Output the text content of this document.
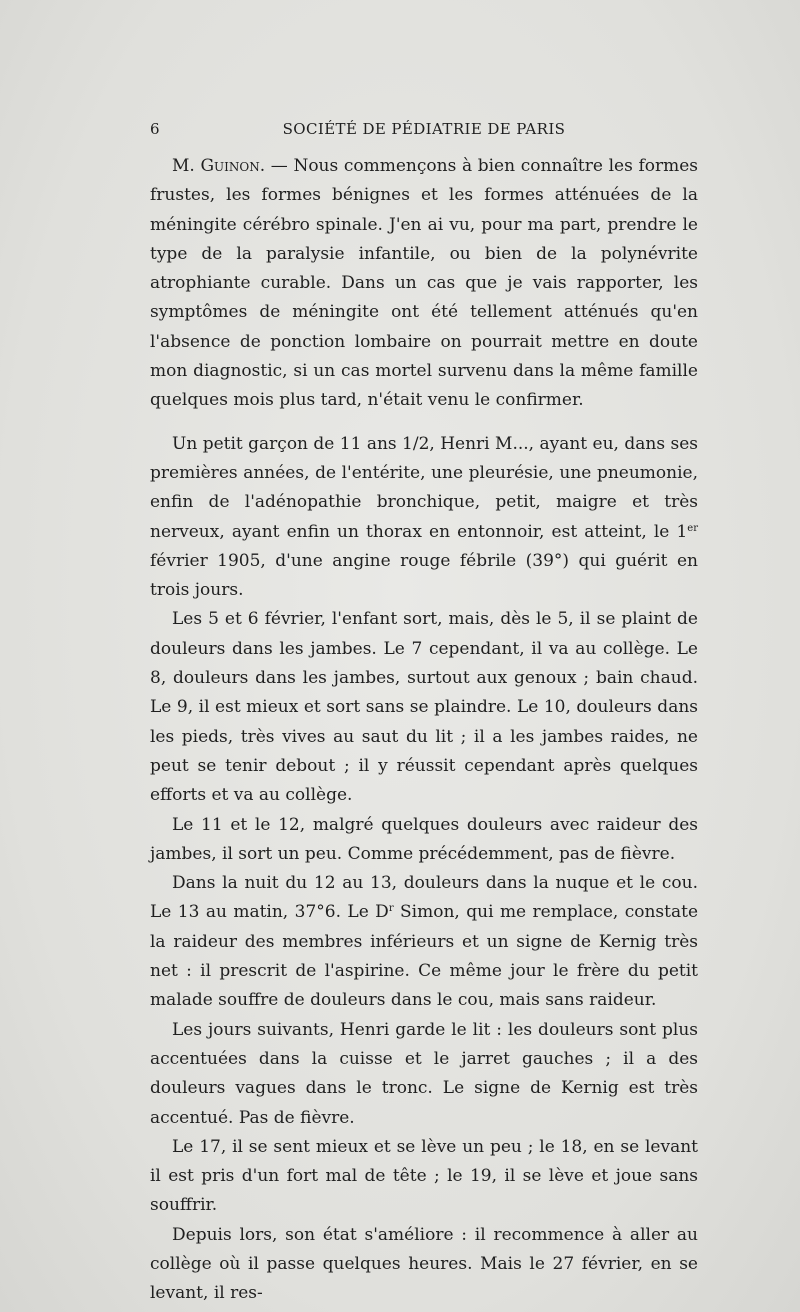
6	SOCIÉTÉ DE PÉDIATRIE DE PARIS

M. Guinon. — Nous commençons à bien connaître les formes frustes, les formes bénignes et les formes atténuées de la méningite cérébro spinale. J'en ai vu, pour ma part, prendre le type de la paralysie infantile, ou bien de la polynévrite atrophiante curable. Dans un cas que je vais rapporter, les symptômes de méningite ont été tellement atténués qu'en l'absence de ponction lombaire on pourrait mettre en doute mon diagnostic, si un cas mortel survenu dans la même famille quelques mois plus tard, n'était venu le confirmer.

Un petit garçon de 11 ans 1/2, Henri M..., ayant eu, dans ses premières années, de l'entérite, une pleurésie, une pneumonie, enfin de l'adénopathie bronchique, petit, maigre et très nerveux, ayant enfin un thorax en entonnoir, est atteint, le 1er février 1905, d'une angine rouge fébrile (39°) qui guérit en trois jours.

Les 5 et 6 février, l'enfant sort, mais, dès le 5, il se plaint de douleurs dans les jambes. Le 7 cependant, il va au collège. Le 8, douleurs dans les jambes, surtout aux genoux ; bain chaud. Le 9, il est mieux et sort sans se plaindre. Le 10, douleurs dans les pieds, très vives au saut du lit ; il a les jambes raides, ne peut se tenir debout ; il y réussit cependant après quelques efforts et va au collège.

Le 11 et le 12, malgré quelques douleurs avec raideur des jambes, il sort un peu. Comme précédemment, pas de fièvre.

Dans la nuit du 12 au 13, douleurs dans la nuque et le cou. Le 13 au matin, 37°6. Le $D^r$ Simon, qui me remplace, constate la raideur des membres inférieurs et un signe de Kernig très net : il prescrit de l'aspirine. Ce même jour le frère du petit malade souffre de douleurs dans le cou, mais sans raideur.

Les jours suivants, Henri garde le lit : les douleurs sont plus accentuées dans la cuisse et le jarret gauches ; il a des douleurs vagues dans le tronc. Le signe de Kernig est très accentué. Pas de fièvre.

Le 17, il se sent mieux et se lève un peu ; le 18, en se levant il est pris d'un fort mal de tête ; le 19, il se lève et joue sans souffrir.

Depuis lors, son état s'améliore : il recommence à aller au collège où il passe quelques heures. Mais le 27 février, en se levant, il res-
